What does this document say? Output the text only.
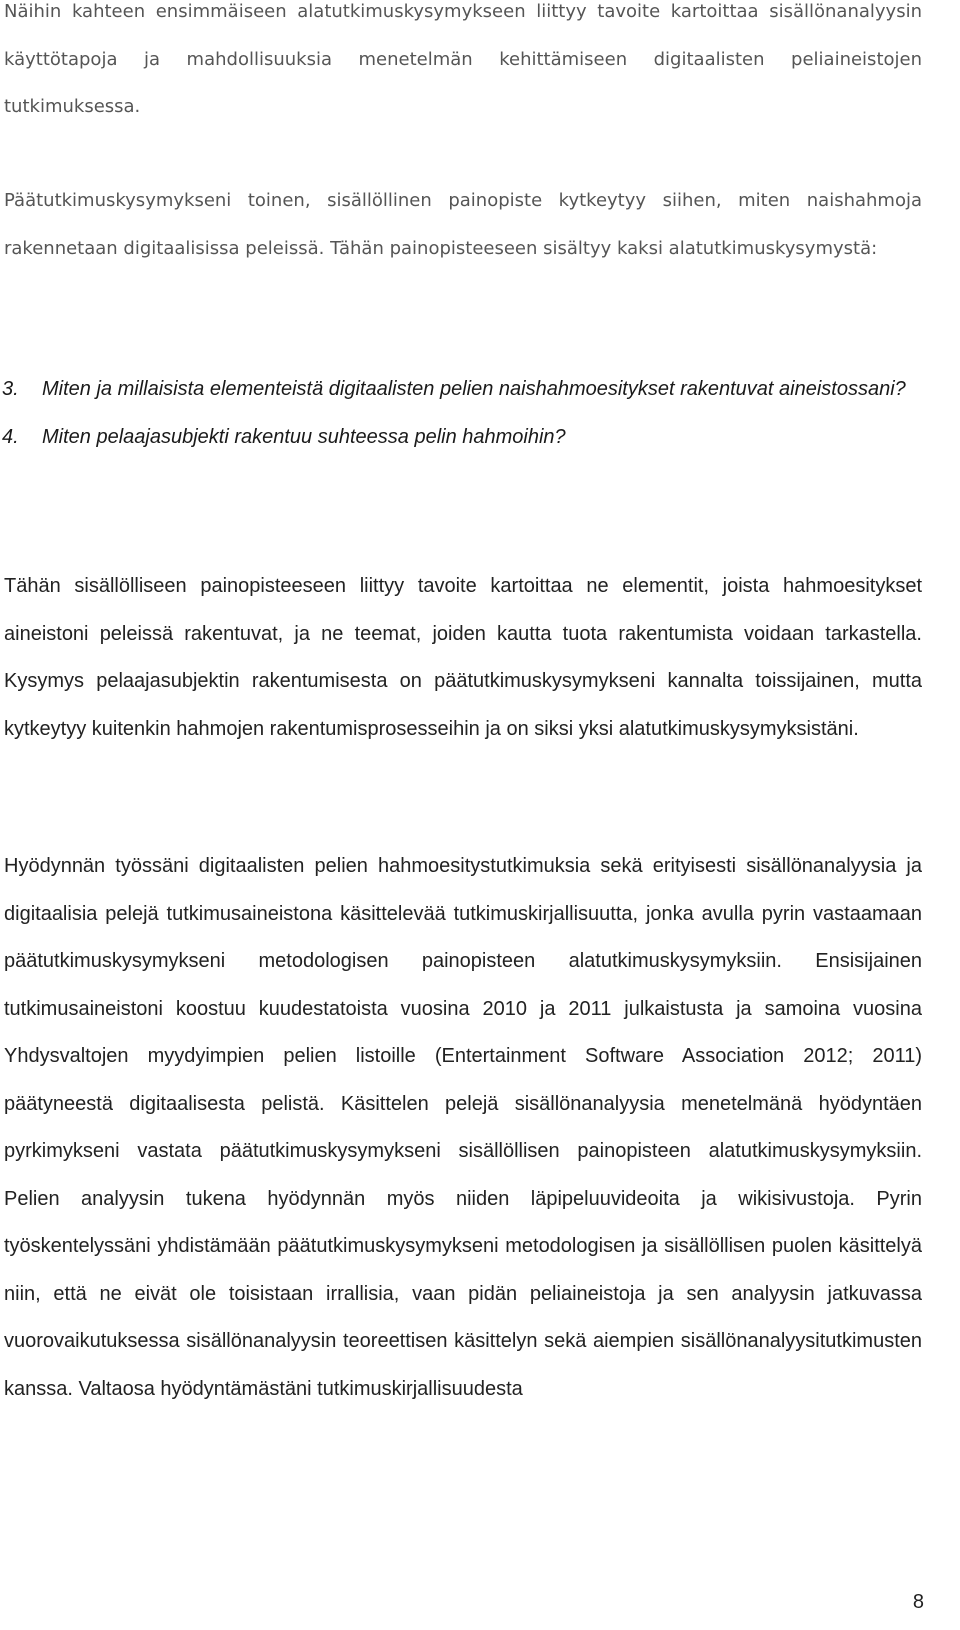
Näihin kahteen ensimmäiseen alatutkimuskysymykseen liittyy tavoite kartoittaa sisällönanalyysin käyttötapoja ja mahdollisuuksia menetelmän kehittämiseen digitaalisten peliaineistojen tutkimuksessa.

Päätutkimuskysymykseni toinen, sisällöllinen painopiste kytkeytyy siihen, miten naishahmoja rakennetaan digitaalisissa peleissä. Tähän painopisteeseen sisältyy kaksi alatutkimuskysymystä:

3. Miten ja millaisista elementeistä digitaalisten pelien naishahmoesitykset rakentuvat aineistossani?
4. Miten pelaajasubjekti rakentuu suhteessa pelin hahmoihin?

Tähän sisällölliseen painopisteeseen liittyy tavoite kartoittaa ne elementit, joista hahmoesitykset aineistoni peleissä rakentuvat, ja ne teemat, joiden kautta tuota rakentumista voidaan tarkastella. Kysymys pelaajasubjektin rakentumisesta on päätutkimuskysymykseni kannalta toissijainen, mutta kytkeytyy kuitenkin hahmojen rakentumisprosesseihin ja on siksi yksi alatutkimuskysymyksistäni.

Hyödynnän työssäni digitaalisten pelien hahmoesitystutkimuksia sekä erityisesti sisällönanalyysia ja digitaalisia pelejä tutkimusaineistona käsittelevää tutkimuskirjallisuutta, jonka avulla pyrin vastaamaan päätutkimuskysymykseni metodologisen painopisteen alatutkimuskysymyksiin. Ensisijainen tutkimusaineistoni koostuu kuudestatoista vuosina 2010 ja 2011 julkaistusta ja samoina vuosina Yhdysvaltojen myydyimpien pelien listoille (Entertainment Software Association 2012; 2011) päätyneestä digitaalisesta pelistä. Käsittelen pelejä sisällönanalyysia menetelmänä hyödyntäen pyrkimykseni vastata päätutkimuskysymykseni sisällöllisen painopisteen alatutkimuskysymyksiin. Pelien analyysin tukena hyödynnän myös niiden läpipeluuvideoita ja wikisivustoja. Pyrin työskentelyssäni yhdistämään päätutkimuskysymykseni metodologisen ja sisällöllisen puolen käsittelyä niin, että ne eivät ole toisistaan irrallisia, vaan pidän peliaineistoja ja sen analyysin jatkuvassa vuorovaikutuksessa sisällönanalyysin teoreettisen käsittelyn sekä aiempien sisällönanalyysitutkimusten kanssa. Valtaosa hyödyntämästäni tutkimuskirjallisuudesta

8
